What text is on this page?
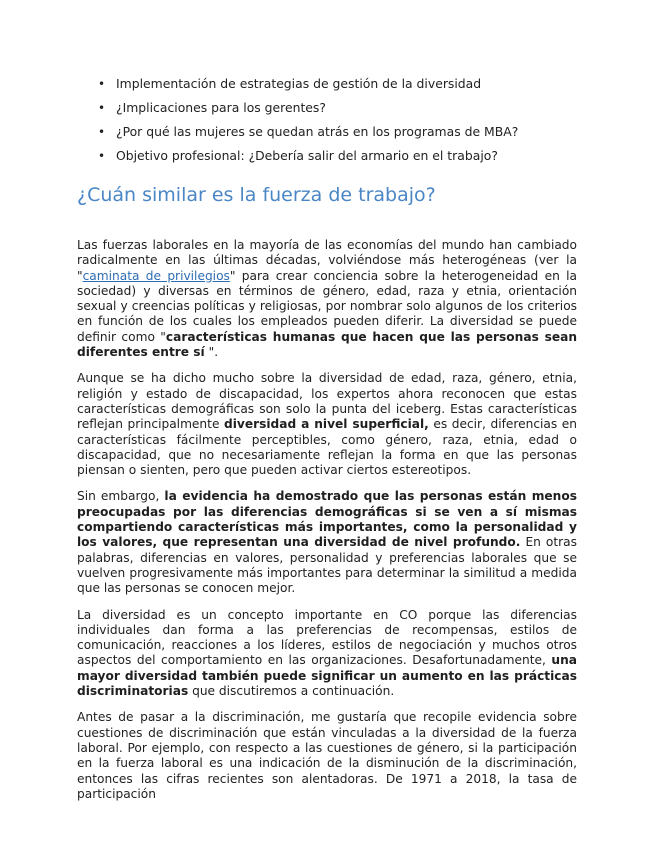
• Implementación de estrategias de gestión de la diversidad
• ¿Implicaciones para los gerentes?
• ¿Por qué las mujeres se quedan atrás en los programas de MBA?
• Objetivo profesional: ¿Debería salir del armario en el trabajo?
¿Cuán similar es la fuerza de trabajo?

Las fuerzas laborales en la mayoría de las economías del mundo han cambiado radicalmente en las últimas décadas, volviéndose más heterogéneas (ver la "caminata de privilegios" para crear conciencia sobre la heterogeneidad en la sociedad) y diversas en términos de género, edad, raza y etnia, orientación sexual y creencias políticas y religiosas, por nombrar solo algunos de los criterios en función de los cuales los empleados pueden diferir. La diversidad se puede definir como "características humanas que hacen que las personas sean diferentes entre sí ".

Aunque se ha dicho mucho sobre la diversidad de edad, raza, género, etnia, religión y estado de discapacidad, los expertos ahora reconocen que estas características demográficas son solo la punta del iceberg. Estas características reflejan principalmente diversidad a nivel superficial, es decir, diferencias en características fácilmente perceptibles, como género, raza, etnia, edad o discapacidad, que no necesariamente reflejan la forma en que las personas piensan o sienten, pero que pueden activar ciertos estereotipos.

Sin embargo, la evidencia ha demostrado que las personas están menos preocupadas por las diferencias demográficas si se ven a sí mismas compartiendo características más importantes, como la personalidad y los valores, que representan una diversidad de nivel profundo. En otras palabras, diferencias en valores, personalidad y preferencias laborales que se vuelven progresivamente más importantes para determinar la similitud a medida que las personas se conocen mejor.

La diversidad es un concepto importante en CO porque las diferencias individuales dan forma a las preferencias de recompensas, estilos de comunicación, reacciones a los líderes, estilos de negociación y muchos otros aspectos del comportamiento en las organizaciones. Desafortunadamente, una mayor diversidad también puede significar un aumento en las prácticas discriminatorias que discutiremos a continuación.

Antes de pasar a la discriminación, me gustaría que recopile evidencia sobre cuestiones de discriminación que están vinculadas a la diversidad de la fuerza laboral. Por ejemplo, con respecto a las cuestiones de género, si la participación en la fuerza laboral es una indicación de la disminución de la discriminación, entonces las cifras recientes son alentadoras. De 1971 a 2018, la tasa de participación
